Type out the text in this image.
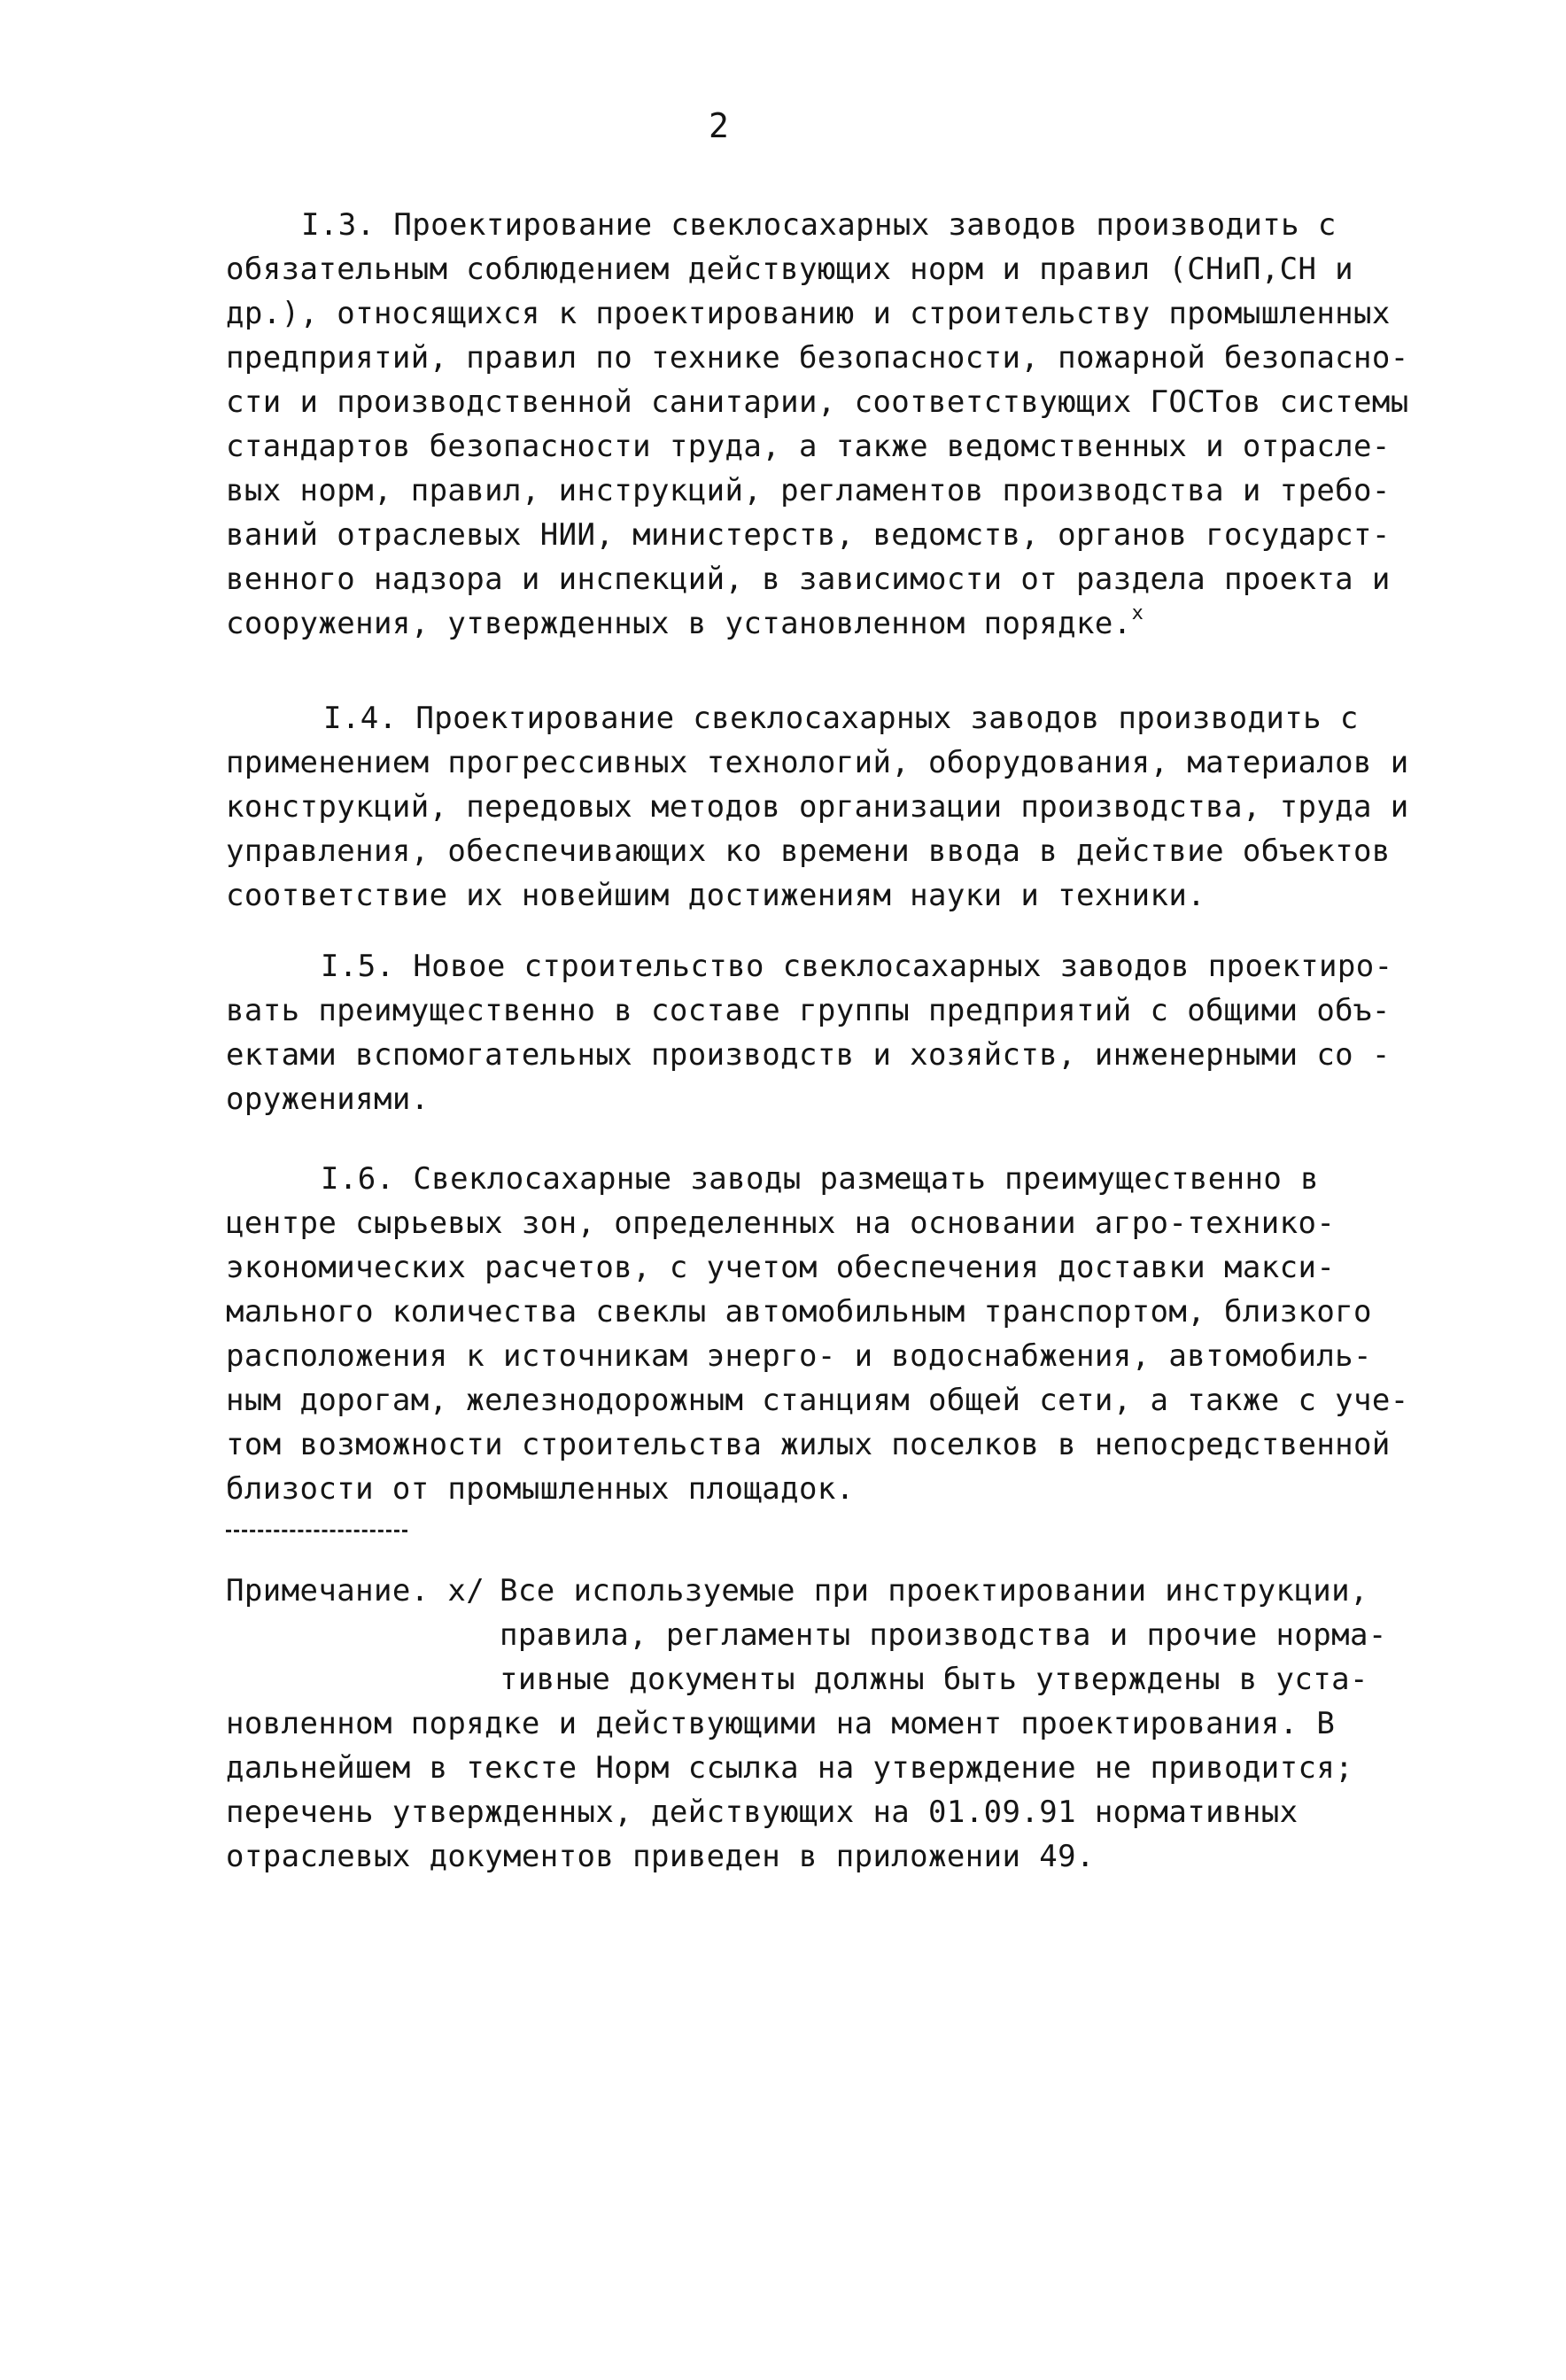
2
I.3. Проектирование свеклосахарных заводов производить с
обязательным соблюдением действующих норм и правил (СНиП,СН и
др.), относящихся к проектированию и строительству промышленных
предприятий, правил по технике безопасности, пожарной безопасно-
сти и производственной санитарии, соответствующих ГОСТов системы
стандартов безопасности труда, а также ведомственных и отрасле-
вых норм, правил, инструкций, регламентов производства и требо-
ваний отраслевых НИИ, министерств, ведомств, органов государст-
венного надзора и инспекций, в зависимости от раздела проекта и
сооружения, утвержденных в установленном порядке.$^x$
I.4. Проектирование свеклосахарных заводов производить с
применением прогрессивных технологий, оборудования, материалов и
конструкций, передовых методов организации производства, труда и
управления, обеспечивающих ко времени ввода в действие объектов
соответствие их новейшим достижениям науки и техники.
I.5. Новое строительство свеклосахарных заводов проектиро-
вать преимущественно в составе группы предприятий с общими объ-
ектами вспомогательных производств и хозяйств, инженерными со -
оружениями.
I.6. Свеклосахарные заводы размещать преимущественно в
центре сырьевых зон, определенных на основании агро-технико-
экономических расчетов, с учетом обеспечения доставки макси-
мального количества свеклы автомобильным транспортом, близкого
расположения к источникам энерго- и водоснабжения, автомобиль-
ным дорогам, железнодорожным станциям общей сети, а также с уче-
том возможности строительства жилых поселков в непосредственной
близости от промышленных площадок.
Примечание. х/ Все используемые при проектировании инструкции,
правила, регламенты производства и прочие норма-
тивные документы должны быть утверждены в уста-
новленном порядке и действующими на момент проектирования. В
дальнейшем в тексте Норм ссылка на утверждение не приводится;
перечень утвержденных, действующих на 01.09.91 нормативных
отраслевых документов приведен в приложении 49.
